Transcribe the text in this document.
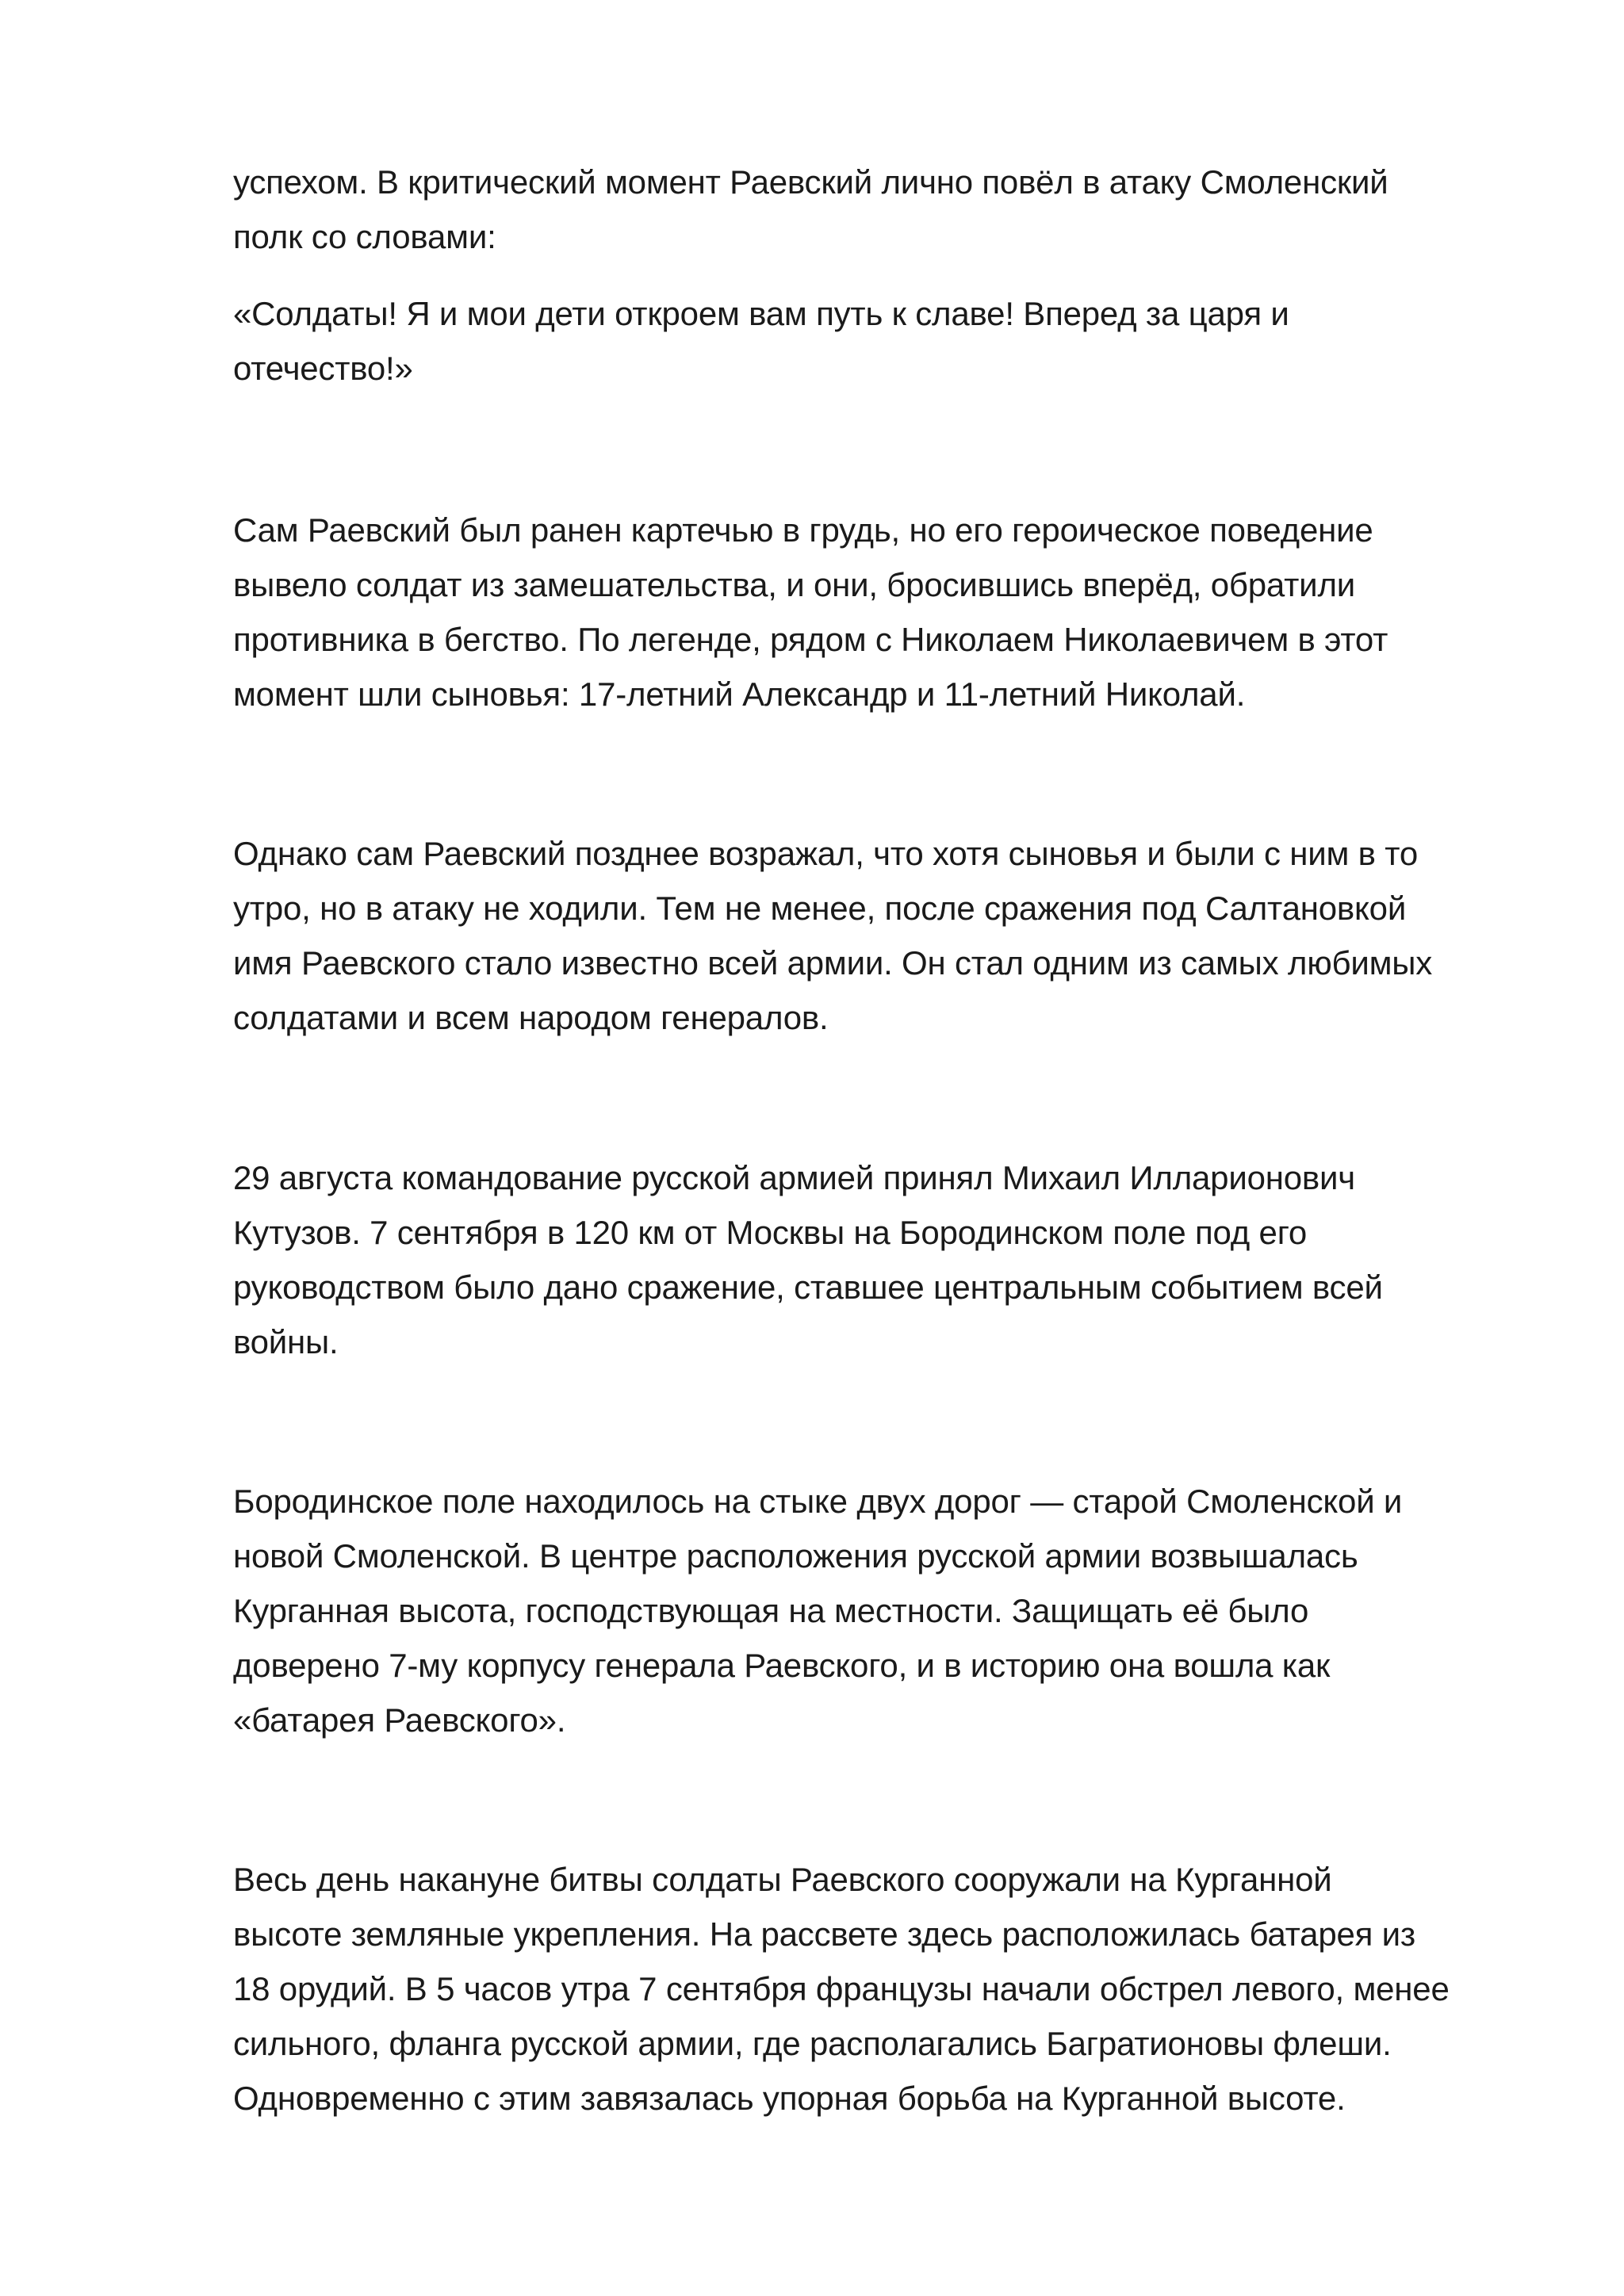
успехом. В критический момент Раевский лично повёл в атаку Смоленский
полк со словами:

«Солдаты! Я и мои дети откроем вам путь к славе! Вперед за царя и
отечество!»

Сам Раевский был ранен картечью в грудь, но его героическое поведение
вывело солдат из замешательства, и они, бросившись вперёд, обратили
противника в бегство. По легенде, рядом с Николаем Николаевичем в этот
момент шли сыновья: 17-летний Александр и 11-летний Николай.

Однако сам Раевский позднее возражал, что хотя сыновья и были с ним в то
утро, но в атаку не ходили. Тем не менее, после сражения под Салтановкой
имя Раевского стало известно всей армии. Он стал одним из самых любимых
солдатами и всем народом генералов.

29 августа командование русской армией принял Михаил Илларионович
Кутузов. 7 сентября в 120 км от Москвы на Бородинском поле под его
руководством было дано сражение, ставшее центральным событием всей
войны.

Бородинское поле находилось на стыке двух дорог — старой Смоленской и
новой Смоленской. В центре расположения русской армии возвышалась
Курганная высота, господствующая на местности. Защищать её было
доверено 7-му корпусу генерала Раевского, и в историю она вошла как
«батарея Раевского».

Весь день накануне битвы солдаты Раевского сооружали на Курганной
высоте земляные укрепления. На рассвете здесь расположилась батарея из
18 орудий. В 5 часов утра 7 сентября французы начали обстрел левого, менее
сильного, фланга русской армии, где располагались Багратионовы флеши.
Одновременно с этим завязалась упорная борьба на Курганной высоте.
